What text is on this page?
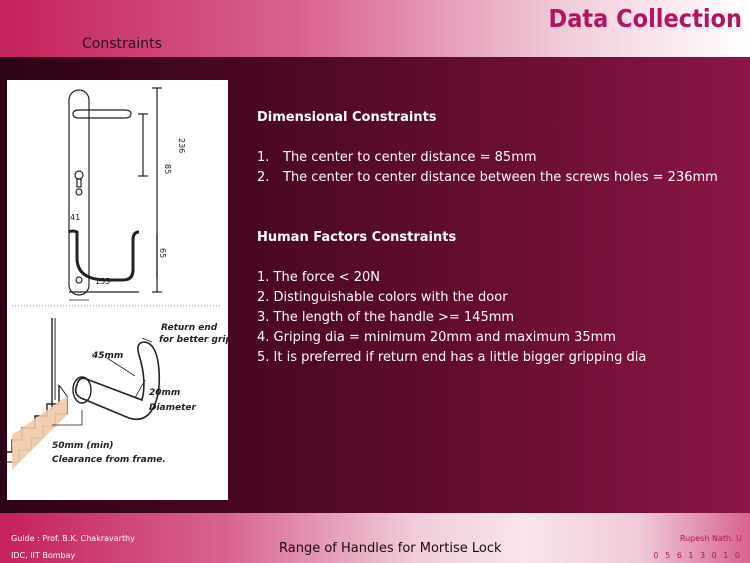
Data Collection
Constraints
85
236
41
65
155
Return end
for better grip.
45mm
20mm
Diameter
50mm (min)
Clearance from frame.

Dimensional Constraints

1. The center to center distance = 85mm
2. The center to center distance between the screws holes = 236mm

Human Factors Constraints

1. The force < 20N
2. Distinguishable colors with the door
3. The length of the handle >= 145mm
4. Griping dia = minimum 20mm and maximum 35mm
5. It is preferred if return end has a little bigger gripping dia
Guide : Prof. B.K. Chakravarthy
IDC, IIT Bombay	Range of Handles for Mortise Lock
Rupesh Nath. U
0 5 6 1 3 0 1 0
